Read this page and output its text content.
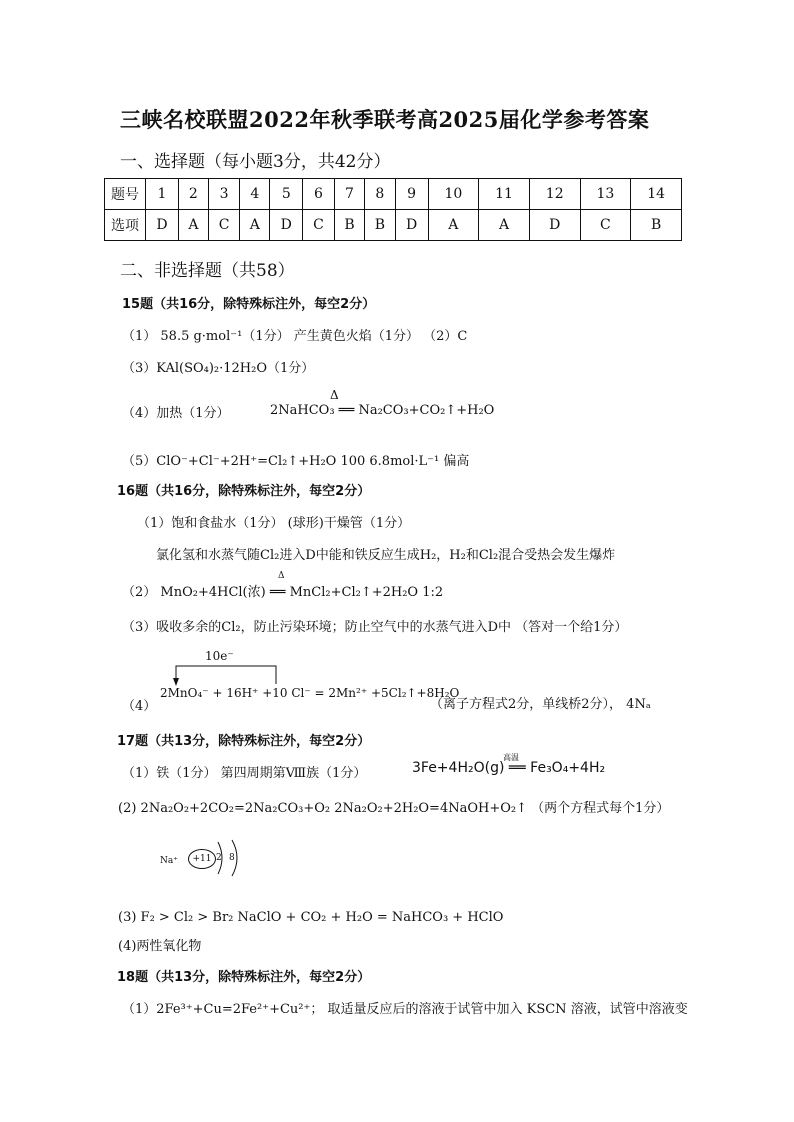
三峡名校联盟2022年秋季联考高2025届化学参考答案
一、选择题（每小题3分，共42分）
题号	1	2	3	4	5	6	7	8	9	10	11	12	13	14
选项	D	A	C	A	D	C	B	B	D	A	A	D	C	B
二、非选择题（共58）
15题（共16分，除特殊标注外，每空2分）
（1） 58.5 g·mol⁻¹（1分） 产生黄色火焰（1分） （2）C
（3）KAl(SO₄)₂·12H₂O（1分）
（4）加热（1分）
Δ
2NaHCO₃ ══ Na₂CO₃+CO₂↑+H₂O
（5）ClO⁻+Cl⁻+2H⁺=Cl₂↑+H₂O 100 6.8mol·L⁻¹ 偏高
16题（共16分，除特殊标注外，每空2分）
（1）饱和食盐水（1分） (球形)干燥管（1分）
氯化氢和水蒸气随Cl₂进入D中能和铁反应生成H₂，H₂和Cl₂混合受热会发生爆炸
Δ
（2） MnO₂+4HCl(浓) ══ MnCl₂+Cl₂↑+2H₂O 1:2
（3）吸收多余的Cl₂，防止污染环境；防止空气中的水蒸气进入D中 （答对一个给1分）
10e⁻
（4）
2MnO₄⁻ + 16H⁺ +10 Cl⁻ = 2Mn²⁺ +5Cl₂↑+8H₂O
（离子方程式2分，单线桥2分）， 4Nₐ
17题（共13分，除特殊标注外，每空2分）
（1）铁（1分） 第四周期第Ⅷ族（1分）
高温
3Fe+4H₂O(g) ══ Fe₃O₄+4H₂
(2) 2Na₂O₂+2CO₂=2Na₂CO₃+O₂ 2Na₂O₂+2H₂O=4NaOH+O₂↑ （两个方程式每个1分）
Na⁺	+11 2 8
(3) F₂ > Cl₂ > Br₂ NaClO + CO₂ + H₂O = NaHCO₃ + HClO
(4)两性氧化物
18题（共13分，除特殊标注外，每空2分）
（1）2Fe³⁺+Cu=2Fe²⁺+Cu²⁺； 取适量反应后的溶液于试管中加入 KSCN 溶液，试管中溶液变
